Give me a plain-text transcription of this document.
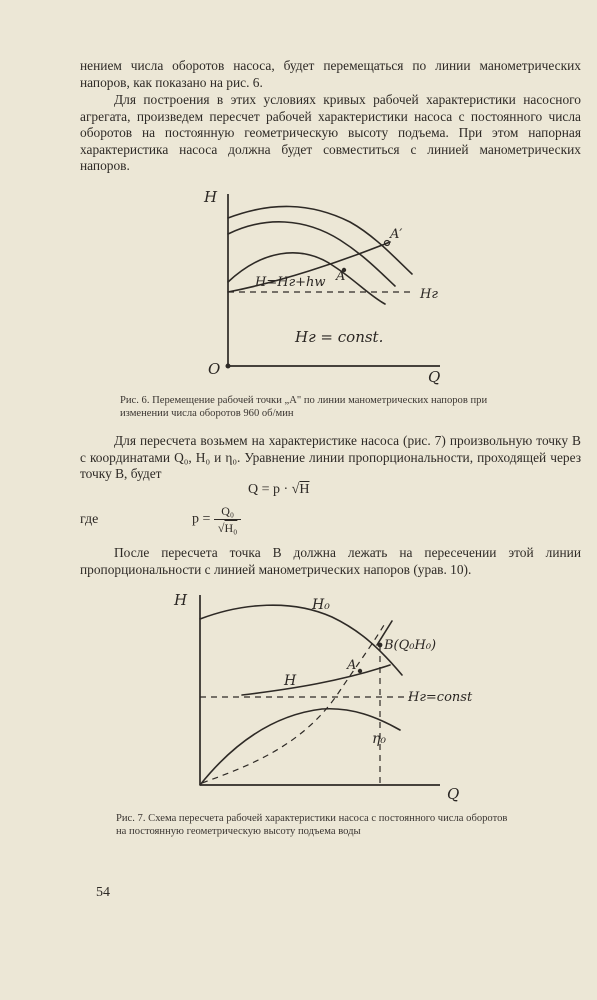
нением числа оборотов насоса, будет перемещаться по линии манометрических напоров, как показано на рис. 6.

Для построения в этих условиях кривых рабочей характеристики насосного агрегата, произведем пересчет рабочей характеристики насоса с постоянного числа оборотов на постоянную геометрическую высоту подъема. При этом напорная характеристика насоса должна будет совместиться с линией манометрических напоров.

H
Q
O
A′
A
H=Hг+hw
Hг
Hг = const.

Рис. 6. Перемещение рабочей точки „А" по линии манометрических напоров при изменении числа оборотов 960 об/мин

Для пересчета возьмем на характеристике насоса (рис. 7) произвольную точку В с координатами Q₀, H₀ и η₀. Уравнение линии пропорциональности, проходящей через точку В, будет

Q = p · √H
где	$p = \frac{\text{Q₀}}{\text{√H₀}}$

После пересчета точка В должна лежать на пересечении этой линии пропорциональности с линией манометрических напоров (урав. 10).

H
Q
H₀
H
B(Q₀H₀)
A
Hг=const
η₀

Рис. 7. Схема пересчета рабочей характеристики насоса с постоянного числа оборотов на постоянную геометрическую высоту подъема воды

54
